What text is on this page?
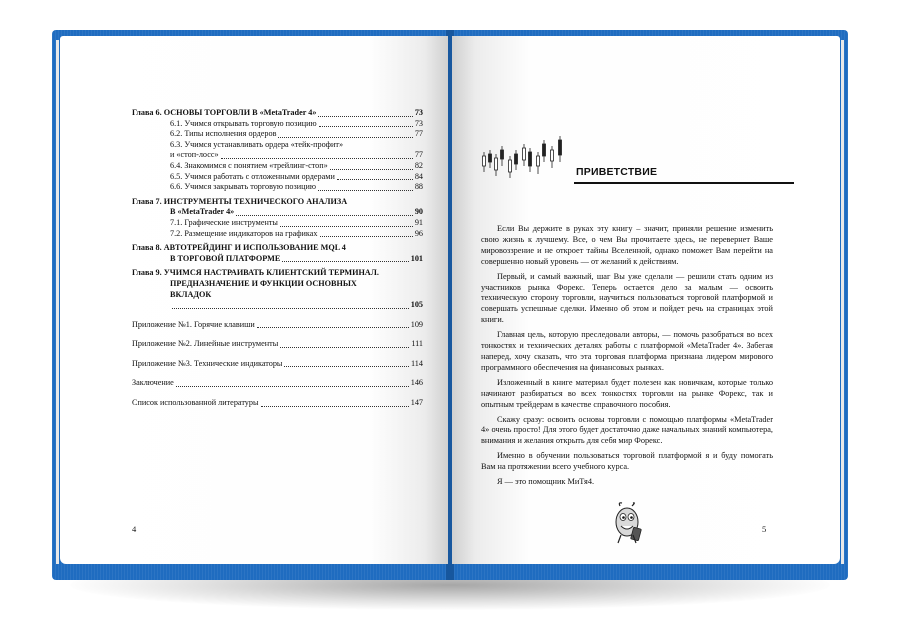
Глава 6. ОСНОВЫ ТОРГОВЛИ В «MetaTrader 4»	73
6.1. Учимся открывать торговую позицию	73
6.2. Типы исполнения ордеров	77
6.3. Учимся устанавливать ордера «тейк-профит»
и «стоп-лосс»	77
6.4. Знакомимся с понятием «трейлинг-стоп»	82
6.5. Учимся работать с отложенными ордерами	84
6.6. Учимся закрывать торговую позицию	88
Глава 7. ИНСТРУМЕНТЫ ТЕХНИЧЕСКОГО АНАЛИЗА
В «MetaTrader 4»	90
7.1. Графические инструменты	91
7.2. Размещение индикаторов на графиках	96
Глава 8. АВТОТРЕЙДИНГ И ИСПОЛЬЗОВАНИЕ MQL 4
В ТОРГОВОЙ ПЛАТФОРМЕ	101
Глава 9. УЧИМСЯ НАСТРАИВАТЬ КЛИЕНТСКИЙ ТЕРМИНАЛ.
ПРЕДНАЗНАЧЕНИЕ И ФУНКЦИИ ОСНОВНЫХ
ВКЛАДОК
105
Приложение №1. Горячие клавиши	109
Приложение №2. Линейные инструменты	111
Приложение №3. Технические индикаторы	114
Заключение	146
Список использованной литературы	147
4
ПРИВЕТСТВИЕ

Если Вы держите в руках эту книгу – значит, приняли решение изменить свою жизнь к лучшему. Все, о чем Вы прочитаете здесь, не перевернет Ваше мировоззрение и не откроет тайны Вселенной, однако поможет Вам перейти на совершенно новый уровень — от желаний к действиям.

Первый, и самый важный, шаг Вы уже сделали — решили стать одним из участников рынка Форекс. Теперь остается дело за малым — освоить техническую сторону торговли, научиться пользоваться торговой платформой и совершать успешные сделки. Именно об этом и пойдет речь на страницах этой книги.

Главная цель, которую преследовали авторы, — помочь разобраться во всех тонкостях и технических деталях работы с платформой «MetaTrader 4». Забегая наперед, хочу сказать, что эта торговая платформа признана лидером мирового программного обеспечения на финансовых рынках.

Изложенный в книге материал будет полезен как новичкам, которые только начинают разбираться во всех тонкостях торговли на рынке Форекс, так и опытным трейдерам в качестве справочного пособия.

Скажу сразу: освоить основы торговли с помощью платформы «MetaTrader 4» очень просто! Для этого будет достаточно даже начальных знаний компьютера, внимания и желания открыть для себя мир Форекс.

Именно в обучении пользоваться торговой платформой я и буду помогать Вам на протяжении всего учебного курса.

Я — это помощник МиТя4.

5
